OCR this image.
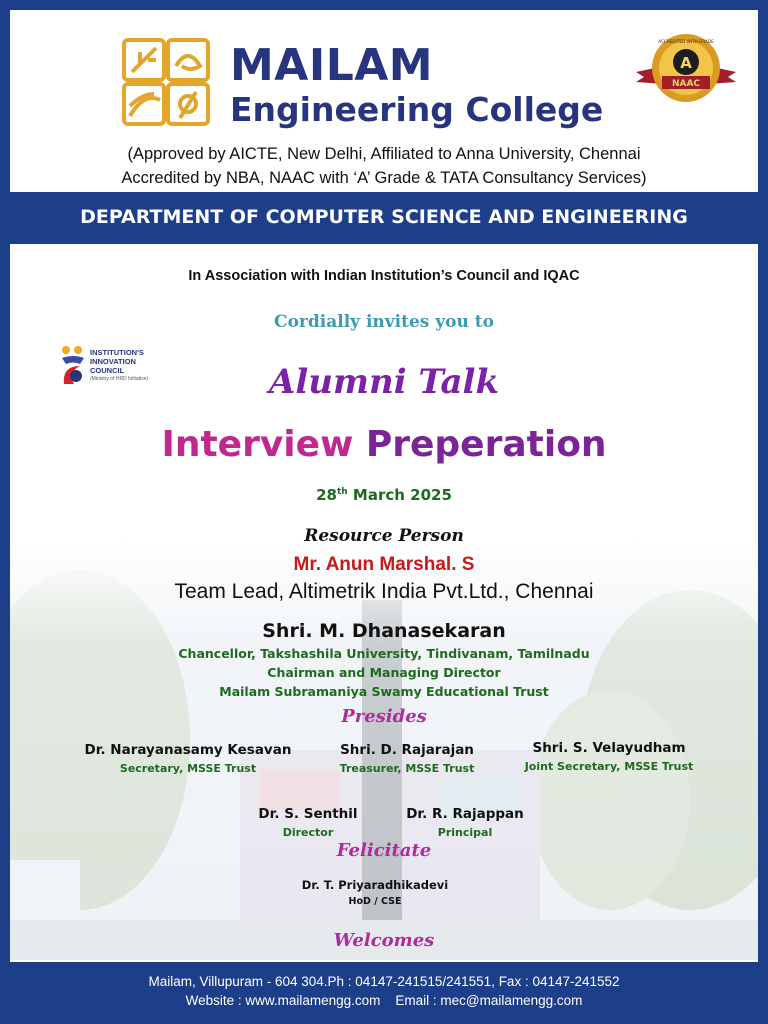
MAILAM
Engineering College
A
NAAC
ACCREDITED WITH GRADE
(Approved by AICTE, New Delhi, Affiliated to Anna University, Chennai
Accredited by NBA, NAAC with ‘A’ Grade & TATA Consultancy Services)
DEPARTMENT OF COMPUTER SCIENCE AND ENGINEERING
In Association with Indian Institution’s Council and IQAC
Cordially invites you to
INSTITUTION'S
INNOVATION
COUNCIL
(Ministry of HRD Initiative)	Alumni Talk
Interview Preperation
28th March 2025
Resource Person
Mr. Anun Marshal. S
Team Lead, Altimetrik India Pvt.Ltd., Chennai
Shri. M. Dhanasekaran
Chancellor, Takshashila University, Tindivanam, Tamilnadu
Chairman and Managing Director
Mailam Subramaniya Swamy Educational Trust
Presides
Dr. Narayanasamy Kesavan
Secretary, MSSE Trust
Shri. D. Rajarajan
Treasurer, MSSE Trust
Shri. S. Velayudham
Joint Secretary, MSSE Trust
Dr. S. Senthil
Director
Dr. R. Rajappan
Principal
Felicitate
Dr. T. Priyaradhikadevi
HoD / CSE
Welcomes
Mailam, Villupuram - 604 304.Ph : 04147-241515/241551, Fax : 04147-241552
Website : www.mailamengg.com    Email : mec@mailamengg.com
